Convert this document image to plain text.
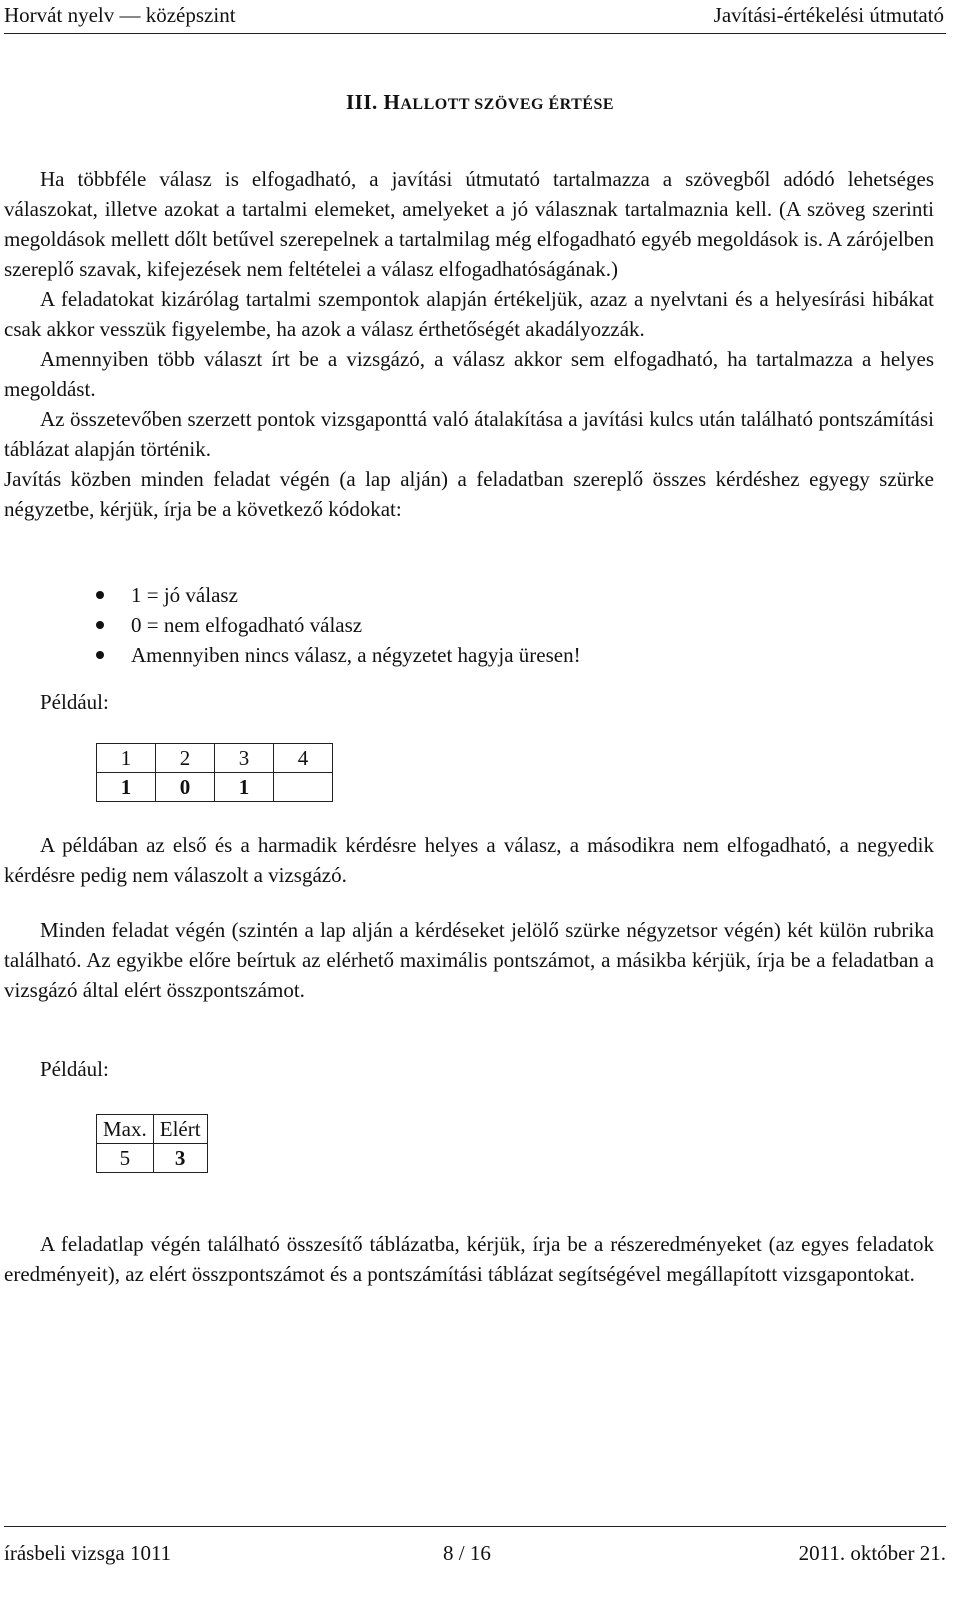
Horvát nyelv — középszint	Javítási-értékelési útmutató
III. HALLOTT SZÖVEG ÉRTÉSE

Ha többféle válasz is elfogadható, a javítási útmutató tartalmazza a szövegből adódó lehetséges válaszokat, illetve azokat a tartalmi elemeket, amelyeket a jó válasznak tartalmaznia kell. (A szöveg szerinti megoldások mellett dőlt betűvel szerepelnek a tartalmilag még elfogadható egyéb megoldások is. A zárójelben szereplő szavak, kifejezések nem feltételei a válasz elfogadhatóságának.)

A feladatokat kizárólag tartalmi szempontok alapján értékeljük, azaz a nyelvtani és a helyesírási hibákat csak akkor vesszük figyelembe, ha azok a válasz érthetőségét akadályozzák.

Amennyiben több választ írt be a vizsgázó, a válasz akkor sem elfogadható, ha tartalmazza a helyes megoldást.

Az összetevőben szerzett pontok vizsgaponttá való átalakítása a javítási kulcs után található pontszámítási táblázat alapján történik.

Javítás közben minden feladat végén (a lap alján) a feladatban szereplő összes kérdéshez egyegy szürke négyzetbe, kérjük, írja be a következő kódokat:

1 = jó válasz
0 = nem elfogadható válasz
Amennyiben nincs válasz, a négyzetet hagyja üresen!
Például:
1	2	3	4
1	0	1	
A példában az első és a harmadik kérdésre helyes a válasz, a másodikra nem elfogadható, a negyedik kérdésre pedig nem válaszolt a vizsgázó.
Minden feladat végén (szintén a lap alján a kérdéseket jelölő szürke négyzetsor végén) két külön rubrika található. Az egyikbe előre beírtuk az elérhető maximális pontszámot, a másikba kérjük, írja be a feladatban a vizsgázó által elért összpontszámot.
Például:
Max.	Elért
5	3
A feladatlap végén található összesítő táblázatba, kérjük, írja be a részeredményeket (az egyes feladatok eredményeit), az elért összpontszámot és a pontszámítási táblázat segítségével megállapított vizsgapontokat.
írásbeli vizsga 1011	8 / 16	2011. október 21.
